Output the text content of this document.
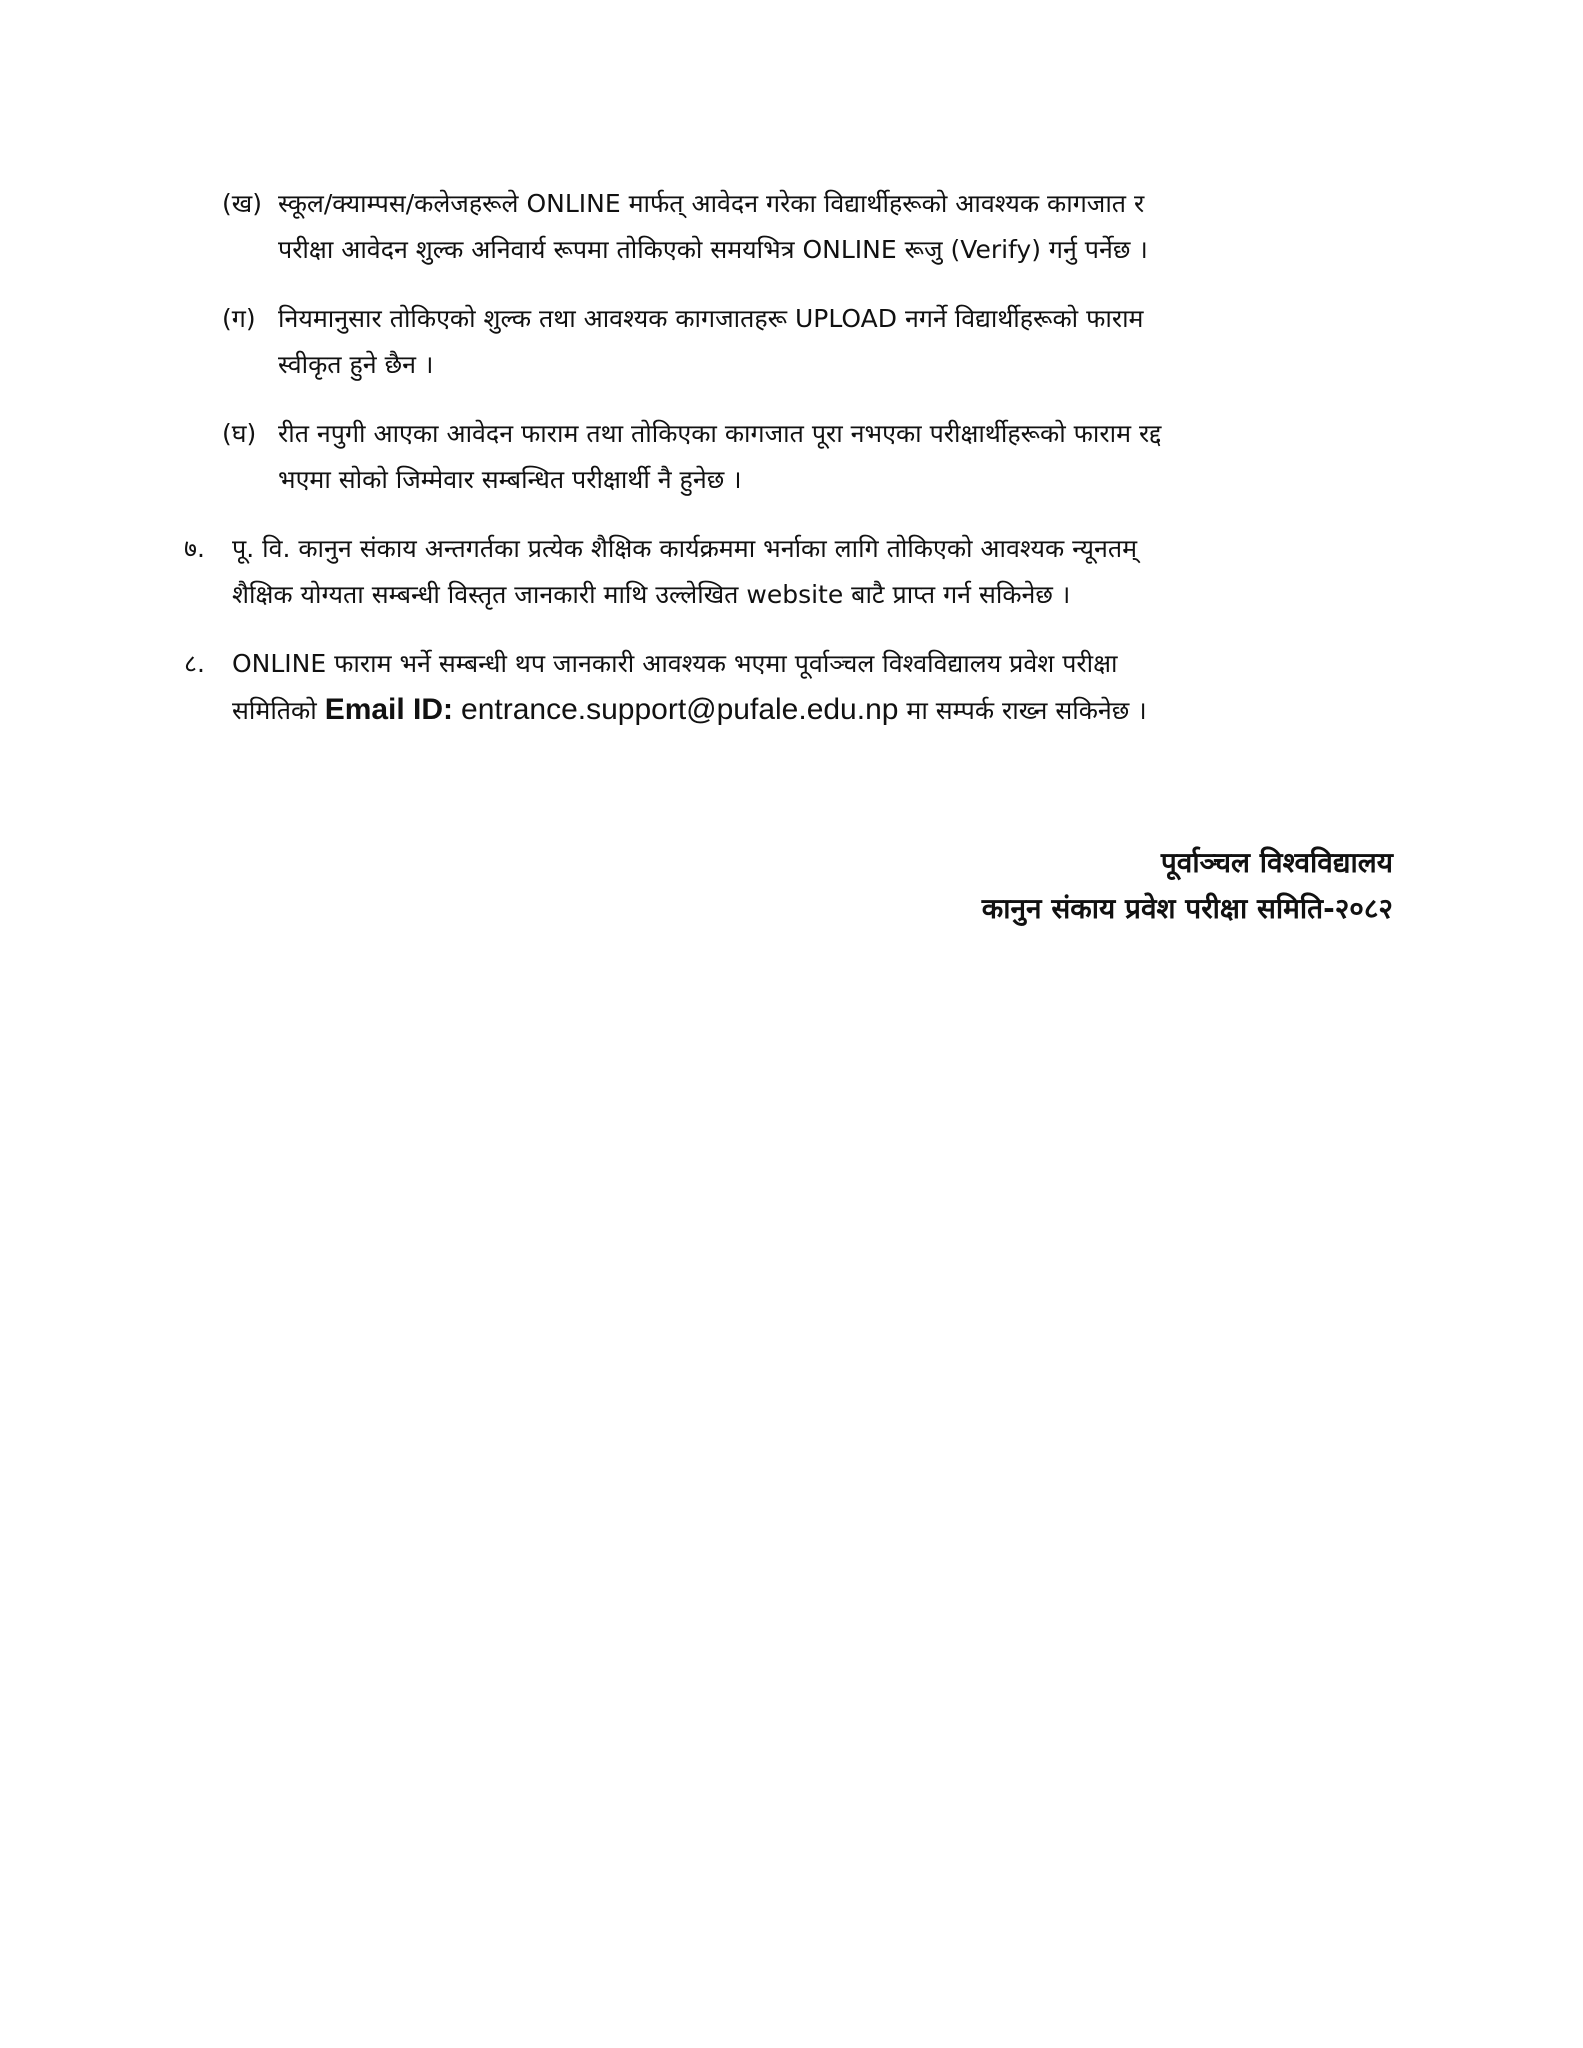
(ख) स्कूल/क्याम्पस/कलेजहरूले ONLINE मार्फत् आवेदन गरेका विद्यार्थीहरूको आवश्यक कागजात र
परीक्षा आवेदन शुल्क अनिवार्य रूपमा तोकिएको समयभित्र ONLINE रूजु (Verify) गर्नु पर्नेछ ।
(ग) नियमानुसार तोकिएको शुल्क तथा आवश्यक कागजातहरू UPLOAD नगर्ने विद्यार्थीहरूको फाराम
स्वीकृत हुने छैन ।
(घ) रीत नपुगी आएका आवेदन फाराम तथा तोकिएका कागजात पूरा नभएका परीक्षार्थीहरूको फाराम रद्द
भएमा सोको जिम्मेवार सम्बन्धित परीक्षार्थी नै हुनेछ ।
७. पू. वि. कानुन संकाय अन्तगर्तका प्रत्येक शैक्षिक कार्यक्रममा भर्नाका लागि तोकिएको आवश्यक न्यूनतम्
शैक्षिक योग्यता सम्बन्धी विस्तृत जानकारी माथि उल्लेखित website बाटै प्राप्त गर्न सकिनेछ ।
८. ONLINE फाराम भर्ने सम्बन्धी थप जानकारी आवश्यक भएमा पूर्वाञ्चल विश्वविद्यालय प्रवेश परीक्षा
समितिको Email ID: entrance.support@pufale.edu.np मा सम्पर्क राख्न सकिनेछ ।
पूर्वाञ्चल विश्वविद्यालय
कानुन संकाय प्रवेश परीक्षा समिति-२०८२
